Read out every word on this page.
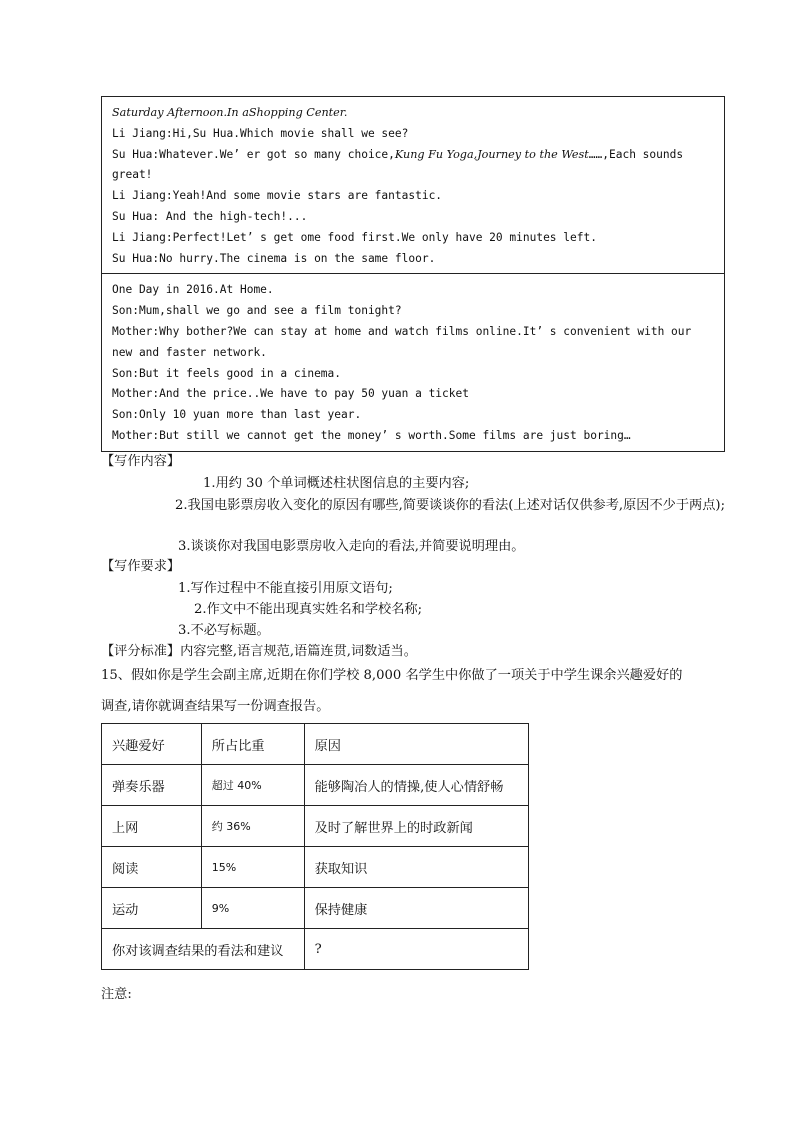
Saturday Afternoon.In aShopping Center.

Li Jiang:Hi,Su Hua.Which movie shall we see?

Su Hua:Whatever.We’ er got so many choice,Kung Fu Yoga,Journey to the West……,Each sounds great!

Li Jiang:Yeah!And some movie stars are fantastic.

Su Hua: And the high-tech!...

Li Jiang:Perfect!Let’ s get ome food first.We only have 20 minutes left.

Su Hua:No hurry.The cinema is on the same floor.

One Day in 2016.At Home.

Son:Mum,shall we go and see a film tonight?

Mother:Why bother?We can stay at home and watch films online.It’ s convenient with our new and faster network.

Son:But it feels good in a cinema.

Mother:And the price..We have to pay 50 yuan a ticket

Son:Only 10 yuan more than last year.

Mother:But still we cannot get the money’ s worth.Some films are just boring…

【写作内容】
1.用约 30 个单词概述柱状图信息的主要内容;
2.我国电影票房收入变化的原因有哪些,简要谈谈你的看法(上述对话仅供参考,原因不少于两点);
3.谈谈你对我国电影票房收入走向的看法,并简要说明理由。
【写作要求】
1.写作过程中不能直接引用原文语句;
2.作文中不能出现真实姓名和学校名称;
3.不必写标题。
【评分标准】内容完整,语言规范,语篇连贯,词数适当。
15、假如你是学生会副主席,近期在你们学校 8,000 名学生中你做了一项关于中学生课余兴趣爱好的
调查,请你就调查结果写一份调查报告。
兴趣爱好	所占比重	原因
弹奏乐器	超过 40%	能够陶冶人的情操,使人心情舒畅
上网	约 36%	及时了解世界上的时政新闻
阅读	15%	获取知识
运动	9%	保持健康
你对该调查结果的看法和建议		?
注意:
